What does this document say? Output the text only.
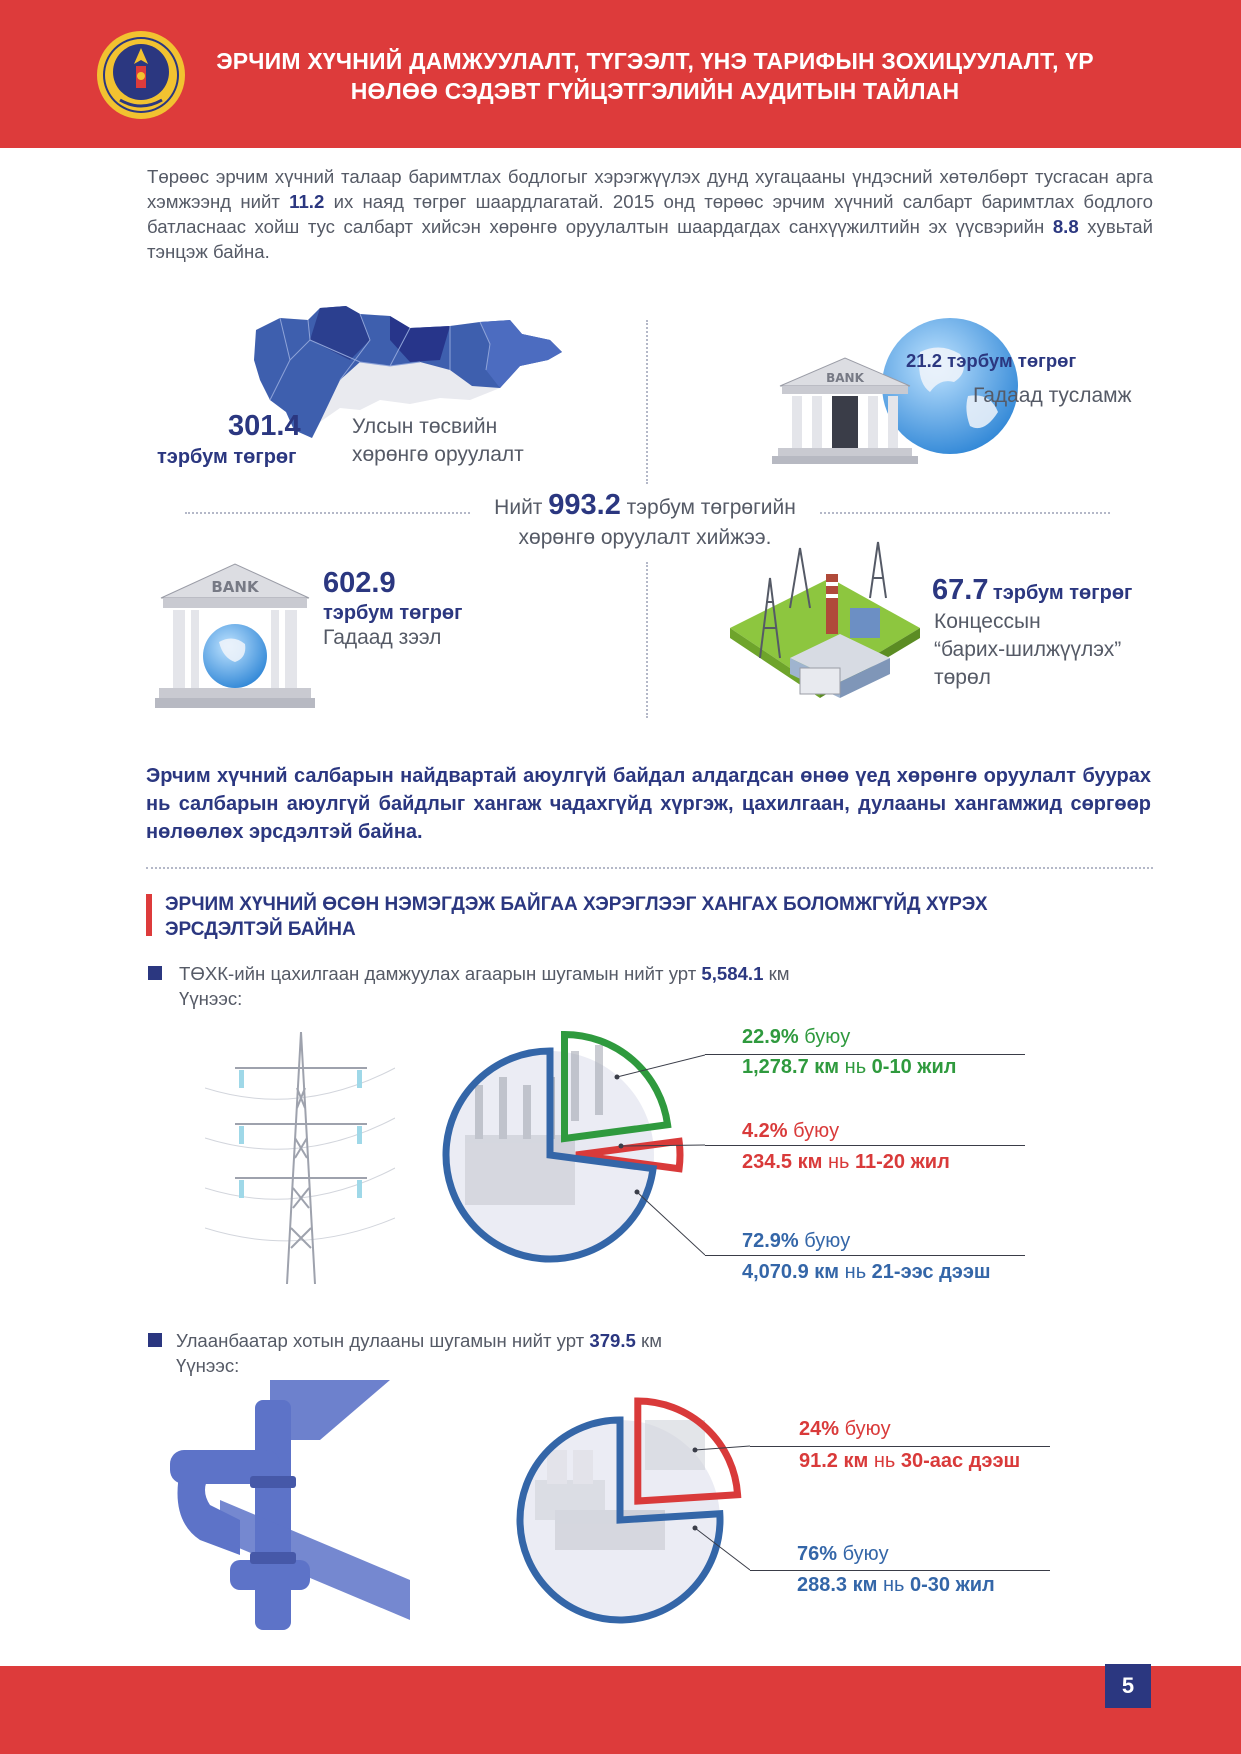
ЭРЧИМ ХҮЧНИЙ ДАМЖУУЛАЛТ, ТҮГЭЭЛТ, ҮНЭ ТАРИФЫН ЗОХИЦУУЛАЛТ, ҮР
НӨЛӨӨ СЭДЭВТ ГҮЙЦЭТГЭЛИЙН АУДИТЫН ТАЙЛАН
Төрөөс эрчим хүчний талаар баримтлах бодлогыг хэрэгжүүлэх дунд хугацааны үндэсний хөтөлбөрт тусгасан арга хэмжээнд нийт 11.2 их наяд төгрөг шаардлагатай. 2015 онд төрөөс эрчим хүчний салбарт баримтлах бодлого батлаcнаас хойш тус салбарт хийсэн хөрөнгө оруулалтын шаардагдах санхүүжилтийн эх үүсвэрийн 8.8 хувьтай тэнцэж байна.
301.4
тэрбум төгрөг
Улсын төсвийн
хөрөнгө оруулалт
BANK
21.2 тэрбум төгрөг
Гадаад тусламж
Нийт 993.2 тэрбум төгрөгийн
хөрөнгө оруулалт хийжээ.
BANK 602.9
тэрбум төгрөг
Гадаад зээл
67.7 тэрбум төгрөг
Концессын
“барих-шилжүүлэх”
төрөл
Эрчим хүчний салбарын найдвартай аюулгүй байдал алдагдсан өнөө үед хөрөнгө оруулалт буурах нь салбарын аюулгүй байдлыг хангаж чадахгүйд хүргэж, цахилгаан, дулааны хангамжид сөргөөр нөлөөлөх эрсдэлтэй байна.
ЭРЧИМ ХҮЧНИЙ ӨСӨН НЭМЭГДЭЖ БАЙГАА ХЭРЭГЛЭЭГ ХАНГАХ БОЛОМЖГҮЙД ХҮРЭХ
ЭРСДЭЛТЭЙ БАЙНА
ТӨХК-ийн цахилгаан дамжуулах агаарын шугамын нийт урт 5,584.1 км
Үүнээс:
22.9% буюу
1,278.7 км нь 0-10 жил
4.2% буюу
234.5 км нь 11-20 жил
72.9% буюу
4,070.9 км нь 21-ээс дээш
Улаанбаатар хотын дулааны шугамын нийт урт 379.5 км
Үүнээс:
24% буюу
91.2 км нь 30-аас дээш
76% буюу
288.3 км нь 0-30 жил
5
